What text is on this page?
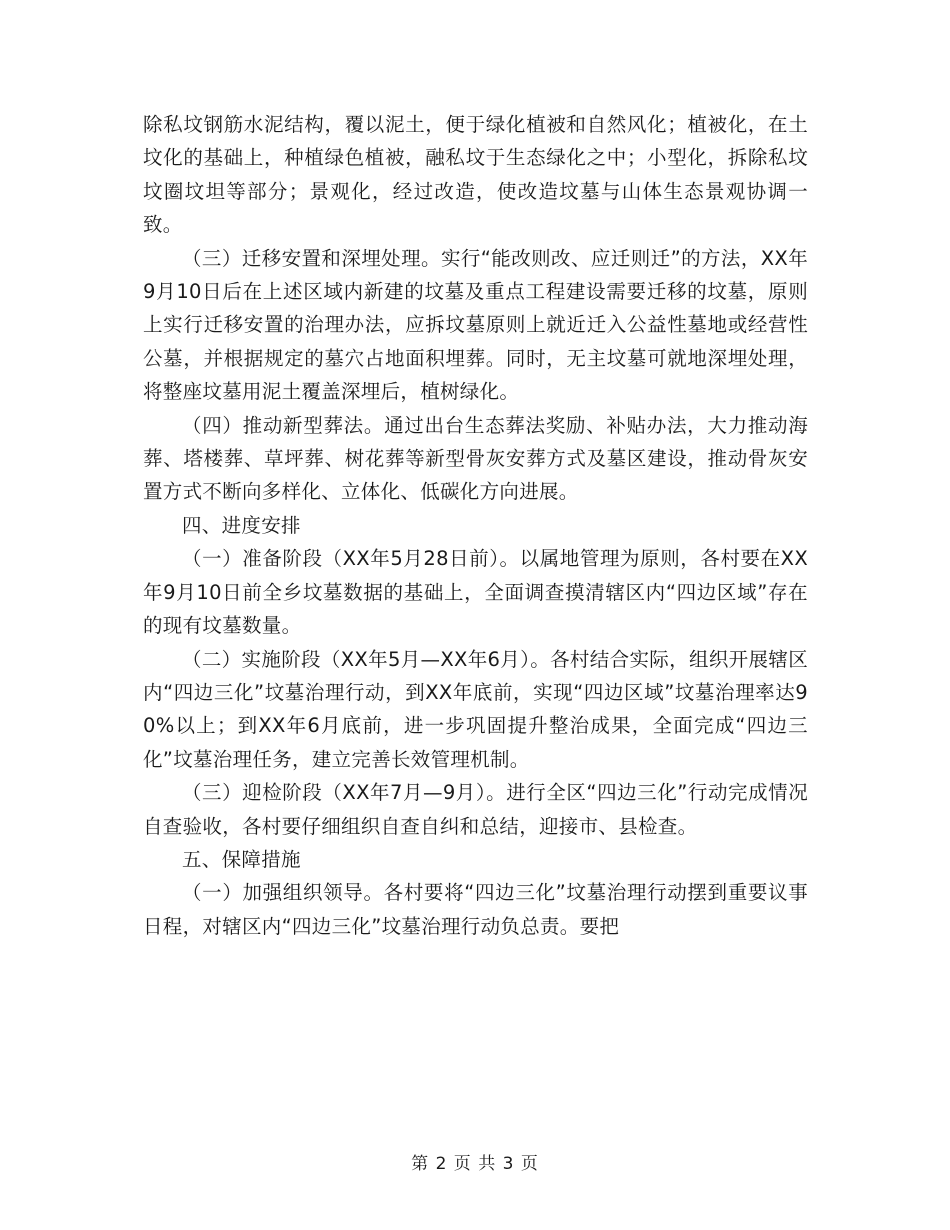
除私坟钢筋水泥结构，覆以泥土，便于绿化植被和自然风化；植被化，在土坟化的基础上，种植绿色植被，融私坟于生态绿化之中；小型化，拆除私坟坟圈坟坦等部分；景观化，经过改造，使改造坟墓与山体生态景观协调一致。

（三）迁移安置和深埋处理。实行“能改则改、应迁则迁”的方法，XX年9月10日后在上述区域内新建的坟墓及重点工程建设需要迁移的坟墓，原则上实行迁移安置的治理办法，应拆坟墓原则上就近迁入公益性墓地或经营性公墓，并根据规定的墓穴占地面积埋葬。同时，无主坟墓可就地深埋处理，将整座坟墓用泥土覆盖深埋后，植树绿化。

（四）推动新型葬法。通过出台生态葬法奖励、补贴办法，大力推动海葬、塔楼葬、草坪葬、树花葬等新型骨灰安葬方式及墓区建设，推动骨灰安置方式不断向多样化、立体化、低碳化方向进展。

四、进度安排

（一）准备阶段（XX年5月28日前）。以属地管理为原则，各村要在XX年9月10日前全乡坟墓数据的基础上，全面调查摸清辖区内“四边区域”存在的现有坟墓数量。

（二）实施阶段（XX年5月—XX年6月）。各村结合实际，组织开展辖区内“四边三化”坟墓治理行动，到XX年底前，实现“四边区域”坟墓治理率达90%以上；到XX年6月底前，进一步巩固提升整治成果，全面完成“四边三化”坟墓治理任务，建立完善长效管理机制。

（三）迎检阶段（XX年7月—9月）。进行全区“四边三化”行动完成情况自查验收，各村要仔细组织自查自纠和总结，迎接市、县检查。

五、保障措施

（一）加强组织领导。各村要将“四边三化”坟墓治理行动摆到重要议事日程，对辖区内“四边三化”坟墓治理行动负总责。要把

第 2 页 共 3 页
